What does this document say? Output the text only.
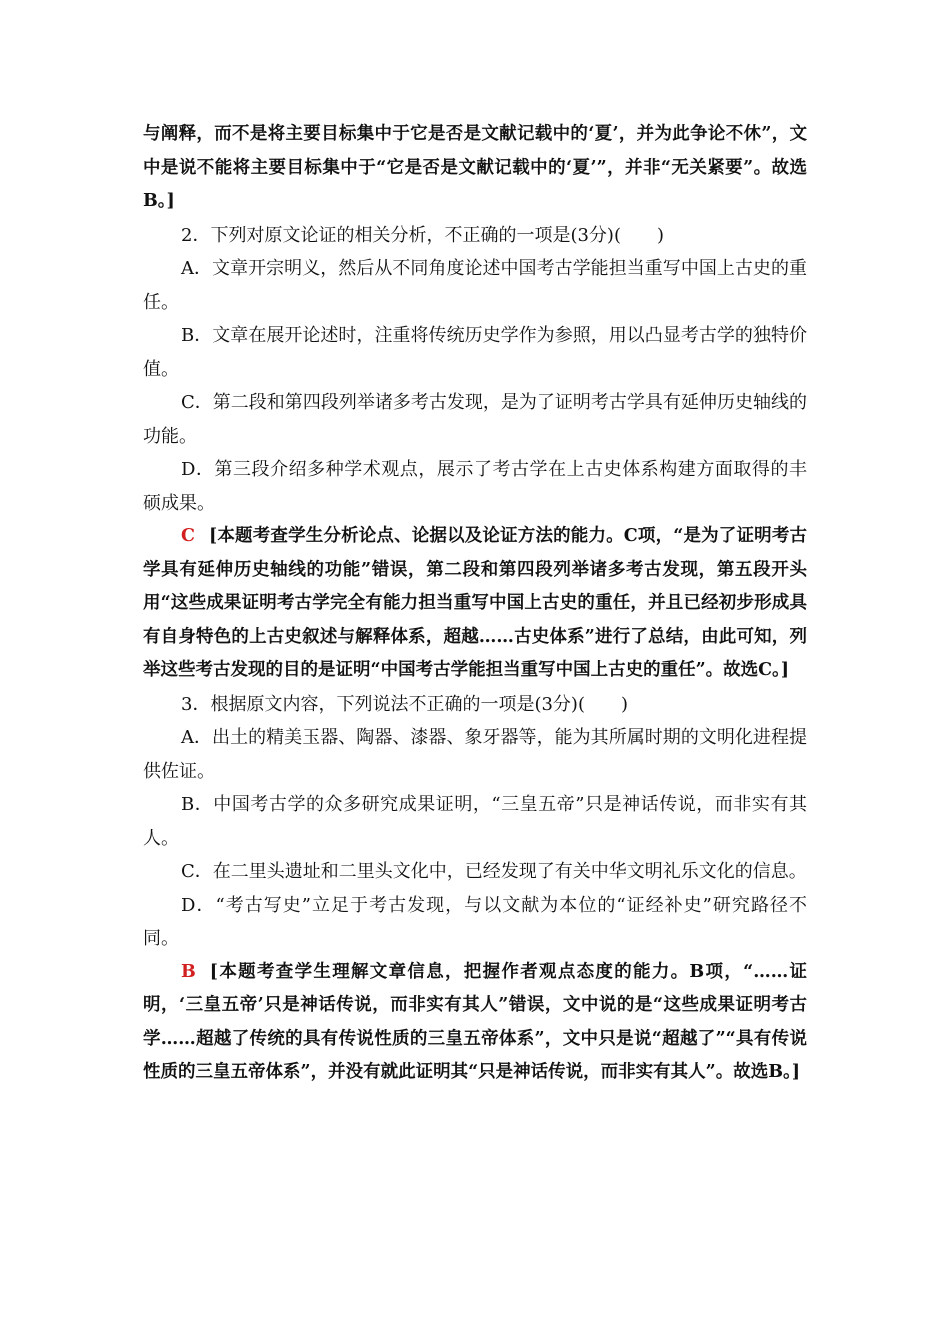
与阐释，而不是将主要目标集中于它是否是文献记载中的‘夏’，并为此争论不休”，文中是说不能将主要目标集中于“它是否是文献记载中的‘夏’”，并非“无关紧要”。故选B。]

2．下列对原文论证的相关分析，不正确的一项是(3分)(　　)

A．文章开宗明义，然后从不同角度论述中国考古学能担当重写中国上古史的重任。

B．文章在展开论述时，注重将传统历史学作为参照，用以凸显考古学的独特价值。

C．第二段和第四段列举诸多考古发现，是为了证明考古学具有延伸历史轴线的功能。

D．第三段介绍多种学术观点，展示了考古学在上古史体系构建方面取得的丰硕成果。

C [本题考查学生分析论点、论据以及论证方法的能力。C项，“是为了证明考古学具有延伸历史轴线的功能”错误，第二段和第四段列举诸多考古发现，第五段开头用“这些成果证明考古学完全有能力担当重写中国上古史的重任，并且已经初步形成具有自身特色的上古史叙述与解释体系，超越……古史体系”进行了总结，由此可知，列举这些考古发现的目的是证明“中国考古学能担当重写中国上古史的重任”。故选C。]

3．根据原文内容，下列说法不正确的一项是(3分)(　　)

A．出土的精美玉器、陶器、漆器、象牙器等，能为其所属时期的文明化进程提供佐证。

B．中国考古学的众多研究成果证明，“三皇五帝”只是神话传说，而非实有其人。

C．在二里头遗址和二里头文化中，已经发现了有关中华文明礼乐文化的信息。

D．“考古写史”立足于考古发现，与以文献为本位的“证经补史”研究路径不同。

B [本题考查学生理解文章信息，把握作者观点态度的能力。B项，“……证明，‘三皇五帝’只是神话传说，而非实有其人”错误，文中说的是“这些成果证明考古学……超越了传统的具有传说性质的三皇五帝体系”，文中只是说“超越了”“具有传说性质的三皇五帝体系”，并没有就此证明其“只是神话传说，而非实有其人”。故选B。]
